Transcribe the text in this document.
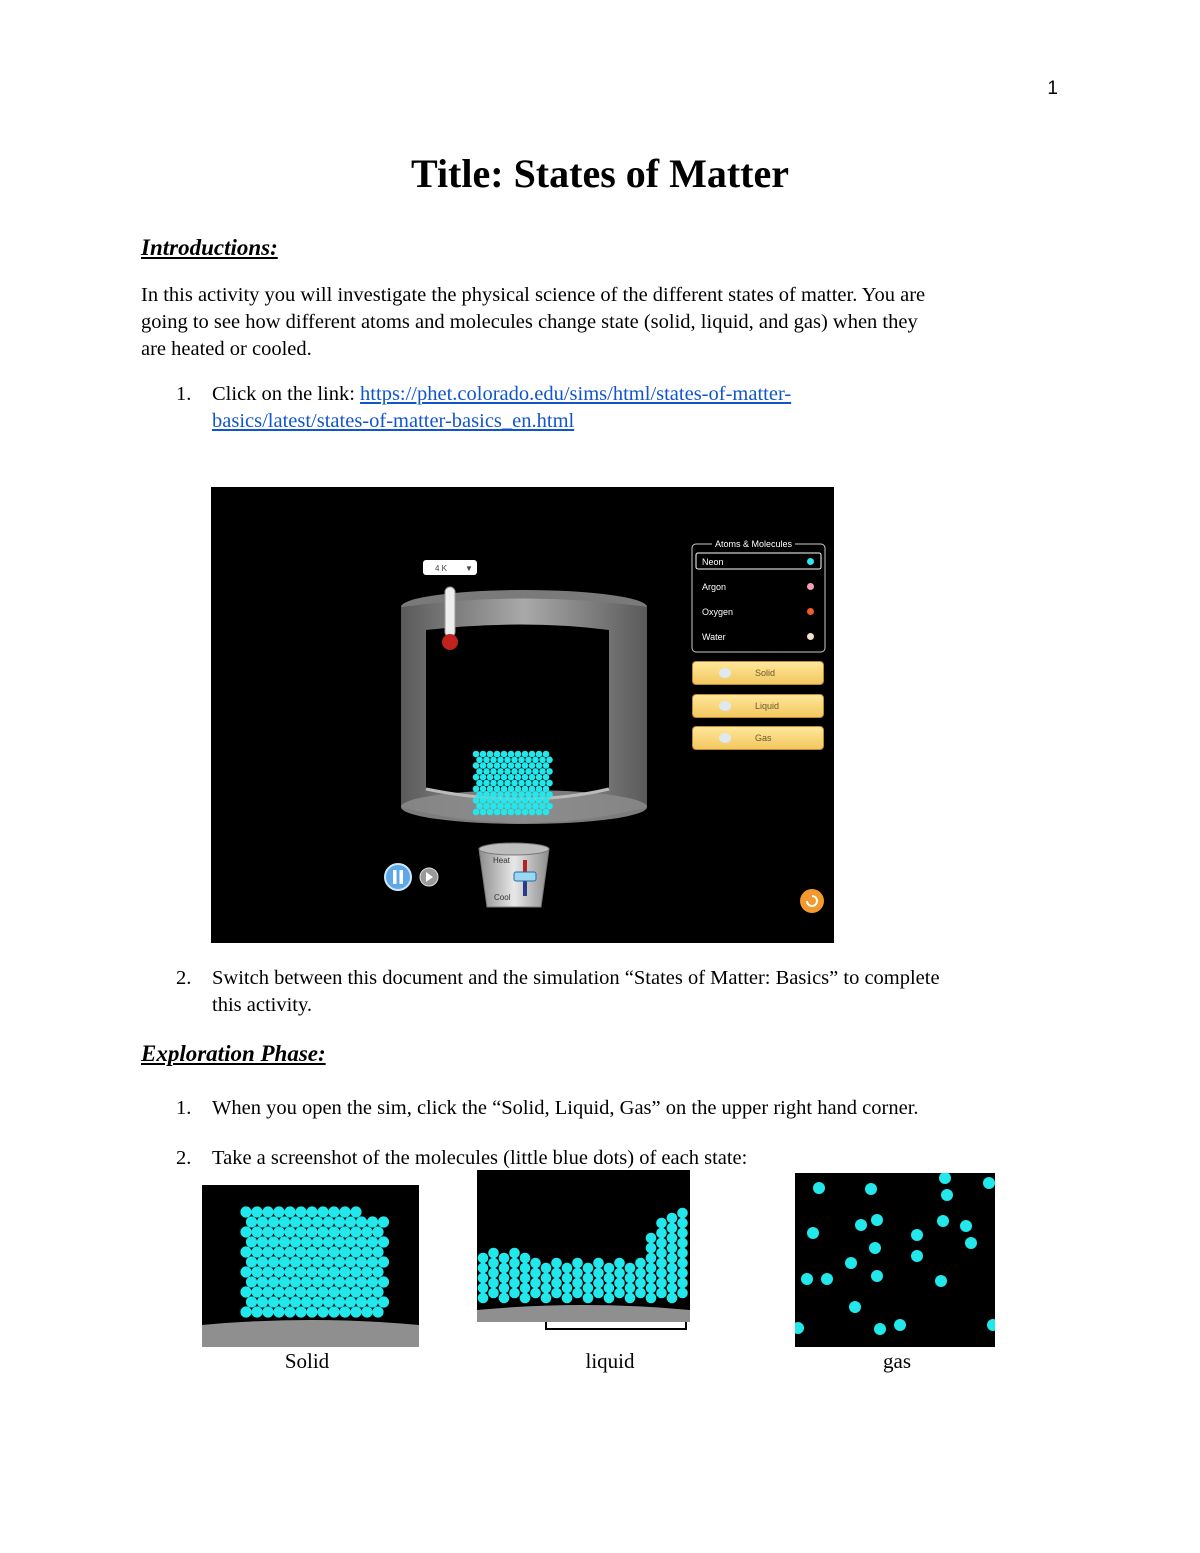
1
Title: States of Matter
Introductions:
In this activity you will investigate the physical science of the different states of matter. You are
going to see how different atoms and molecules change state (solid, liquid, and gas) when they
are heated or cooled.
1. Click on the link: https://phet.colorado.edu/sims/html/states-of-matter-
basics/latest/states-of-matter-basics_en.html
4 K ▼
Heat
Cool
Atoms & Molecules
Neon
Argon
Oxygen
Water
Solid
Liquid
Gas
2. Switch between this document and the simulation “States of Matter: Basics” to complete
this activity.
Exploration Phase:
1. When you open the sim, click the “Solid, Liquid, Gas” on the upper right hand corner.
2. Take a screenshot of the molecules (little blue dots) of each state:
Solid	liquid	gas
